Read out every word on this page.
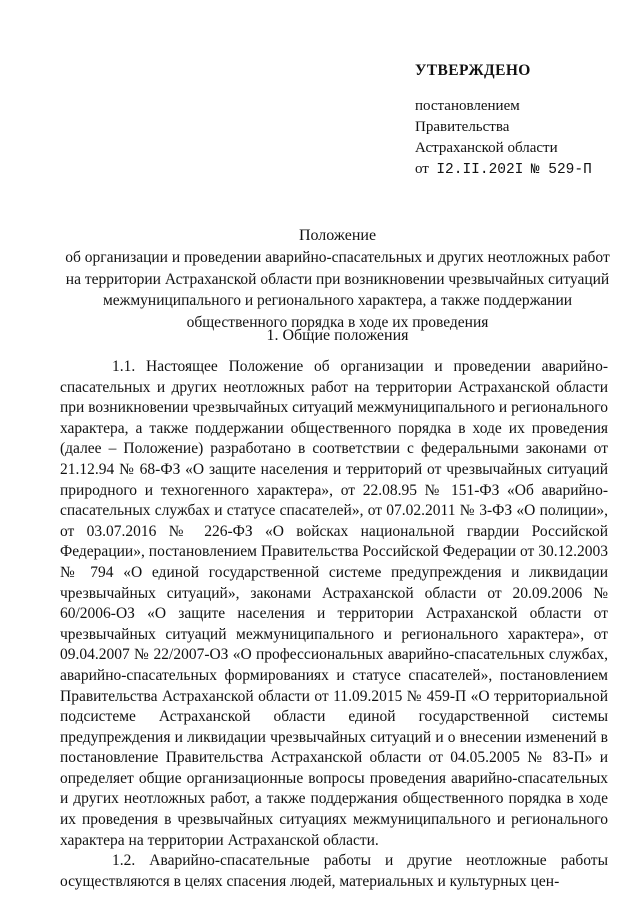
УТВЕРЖДЕНО
постановлением
Правительства
Астраханской области
от I2.II.202I № 529-П
Положение
об организации и проведении аварийно-спасательных и других неотложных работ на территории Астраханской области при возникновении чрезвычайных ситуаций межмуниципального и регионального характера, а также поддержании общественного порядка в ходе их проведения
1. Общие положения

1.1. Настоящее Положение об организации и проведении аварийно-спасательных и других неотложных работ на территории Астраханской области при возникновении чрезвычайных ситуаций межмуниципального и регионального характера, а также поддержании общественного порядка в ходе их проведения (далее – Положение) разработано в соответствии с федеральными законами от 21.12.94 № 68-ФЗ «О защите населения и территорий от чрезвычайных ситуаций природного и техногенного характера», от 22.08.95 № 151-ФЗ «Об аварийно-спасательных службах и статусе спасателей», от 07.02.2011 № 3-ФЗ «О полиции», от 03.07.2016 № 226-ФЗ «О войсках национальной гвардии Российской Федерации», постановлением Правительства Российской Федерации от 30.12.2003 № 794 «О единой государственной системе предупреждения и ликвидации чрезвычайных ситуаций», законами Астраханской области от 20.09.2006 № 60/2006-ОЗ «О защите населения и территории Астраханской области от чрезвычайных ситуаций межмуниципального и регионального характера», от 09.04.2007 № 22/2007-ОЗ «О профессиональных аварийно-спасательных службах, аварийно-спасательных формированиях и статусе спасателей», постановлением Правительства Астраханской области от 11.09.2015 № 459-П «О территориальной подсистеме Астраханской области единой государственной системы предупреждения и ликвидации чрезвычайных ситуаций и о внесении изменений в постановление Правительства Астраханской области от 04.05.2005 № 83-П» и определяет общие организационные вопросы проведения аварийно-спасательных и других неотложных работ, а также поддержания общественного порядка в ходе их проведения в чрезвычайных ситуациях межмуниципального и регионального характера на территории Астраханской области.

1.2. Аварийно-спасательные работы и другие неотложные работы осуществляются в целях спасения людей, материальных и культурных цен-
